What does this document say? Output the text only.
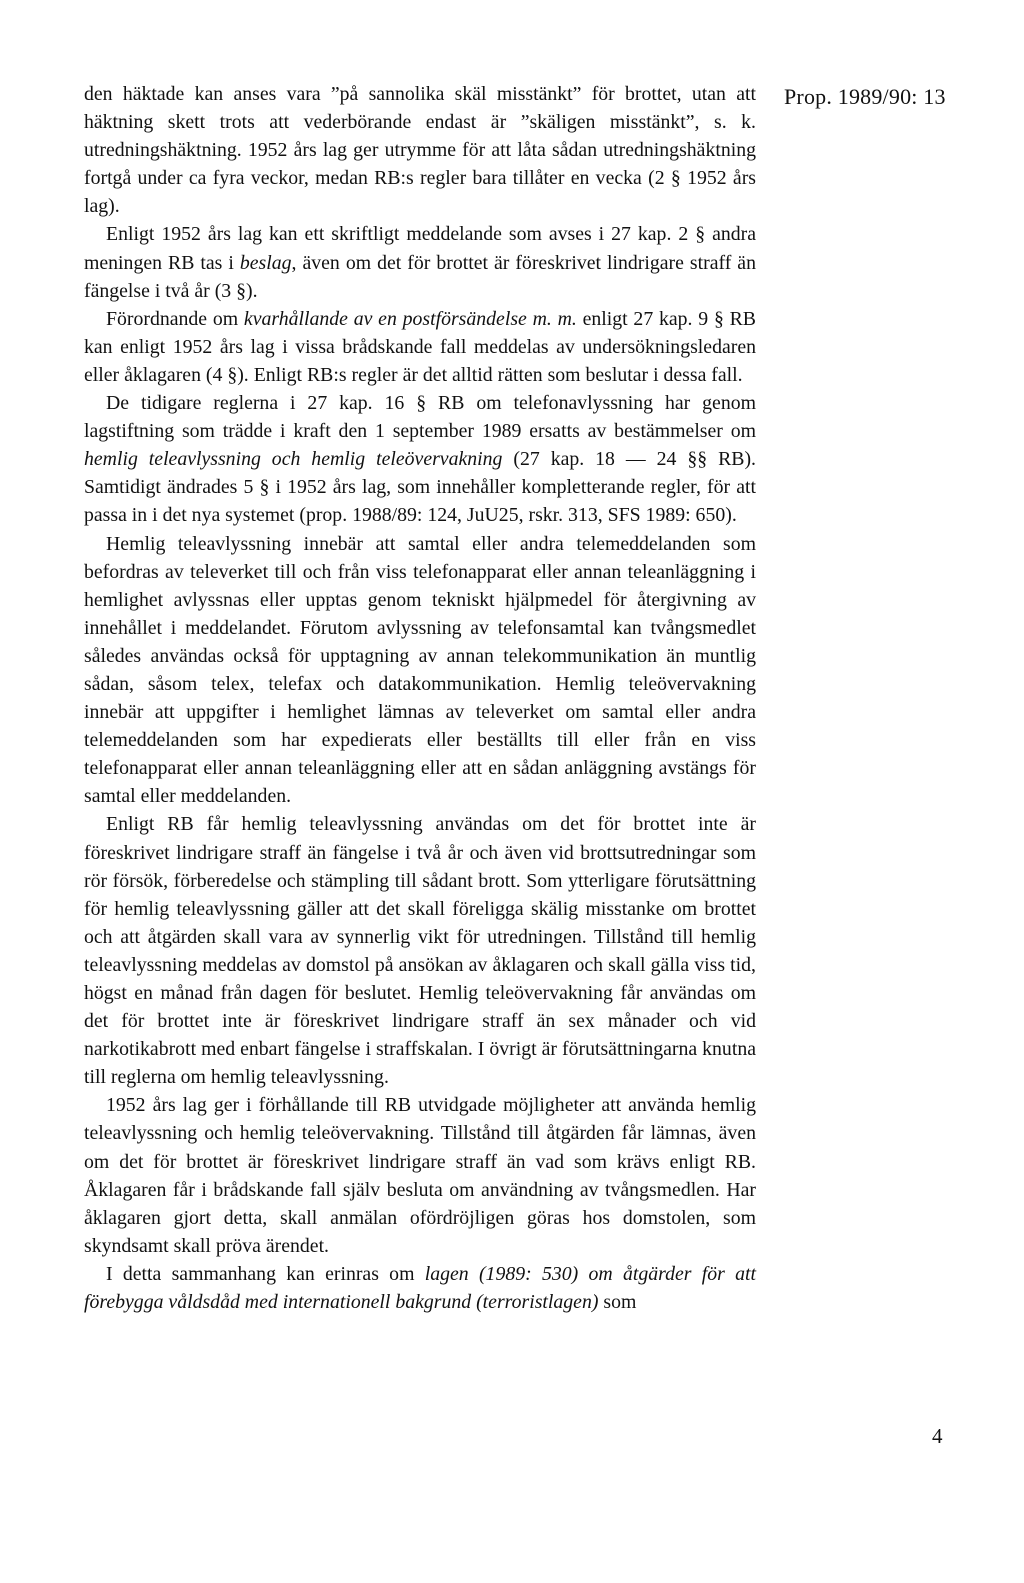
Prop. 1989/90: 13

den häktade kan anses vara ”på sannolika skäl misstänkt” för brottet, utan att häktning skett trots att vederbörande endast är ”skäligen misstänkt”, s. k. utredningshäktning. 1952 års lag ger utrymme för att låta sådan utredningshäktning fortgå under ca fyra veckor, medan RB:s regler bara tillåter en vecka (2 § 1952 års lag).

Enligt 1952 års lag kan ett skriftligt meddelande som avses i 27 kap. 2 § andra meningen RB tas i beslag, även om det för brottet är föreskrivet lindrigare straff än fängelse i två år (3 §).

Förordnande om kvarhållande av en postförsändelse m. m. enligt 27 kap. 9 § RB kan enligt 1952 års lag i vissa brådskande fall meddelas av undersökningsledaren eller åklagaren (4 §). Enligt RB:s regler är det alltid rätten som beslutar i dessa fall.

De tidigare reglerna i 27 kap. 16 § RB om telefonavlyssning har genom lagstiftning som trädde i kraft den 1 september 1989 ersatts av bestämmelser om hemlig teleavlyssning och hemlig teleövervakning (27 kap. 18 — 24 §§ RB). Samtidigt ändrades 5 § i 1952 års lag, som innehåller kompletterande regler, för att passa in i det nya systemet (prop. 1988/89: 124, JuU25, rskr. 313, SFS 1989: 650).

Hemlig teleavlyssning innebär att samtal eller andra telemeddelanden som befordras av televerket till och från viss telefonapparat eller annan teleanläggning i hemlighet avlyssnas eller upptas genom tekniskt hjälpmedel för återgivning av innehållet i meddelandet. Förutom avlyssning av telefonsamtal kan tvångsmedlet således användas också för upptagning av annan telekommunikation än muntlig sådan, såsom telex, telefax och datakommunikation. Hemlig teleövervakning innebär att uppgifter i hemlighet lämnas av televerket om samtal eller andra telemeddelanden som har expedierats eller beställts till eller från en viss telefonapparat eller annan teleanläggning eller att en sådan anläggning avstängs för samtal eller meddelanden.

Enligt RB får hemlig teleavlyssning användas om det för brottet inte är föreskrivet lindrigare straff än fängelse i två år och även vid brottsutredningar som rör försök, förberedelse och stämpling till sådant brott. Som ytterligare förutsättning för hemlig teleavlyssning gäller att det skall föreligga skälig misstanke om brottet och att åtgärden skall vara av synnerlig vikt för utredningen. Tillstånd till hemlig teleavlyssning meddelas av domstol på ansökan av åklagaren och skall gälla viss tid, högst en månad från dagen för beslutet. Hemlig teleövervakning får användas om det för brottet inte är föreskrivet lindrigare straff än sex månader och vid narkotikabrott med enbart fängelse i straffskalan. I övrigt är förutsättningarna knutna till reglerna om hemlig teleavlyssning.

1952 års lag ger i förhållande till RB utvidgade möjligheter att använda hemlig teleavlyssning och hemlig teleövervakning. Tillstånd till åtgärden får lämnas, även om det för brottet är föreskrivet lindrigare straff än vad som krävs enligt RB. Åklagaren får i brådskande fall själv besluta om användning av tvångsmedlen. Har åklagaren gjort detta, skall anmälan ofördröjligen göras hos domstolen, som skyndsamt skall pröva ärendet.

I detta sammanhang kan erinras om lagen (1989: 530) om åtgärder för att förebygga våldsdåd med internationell bakgrund (terroristlagen) som

4
